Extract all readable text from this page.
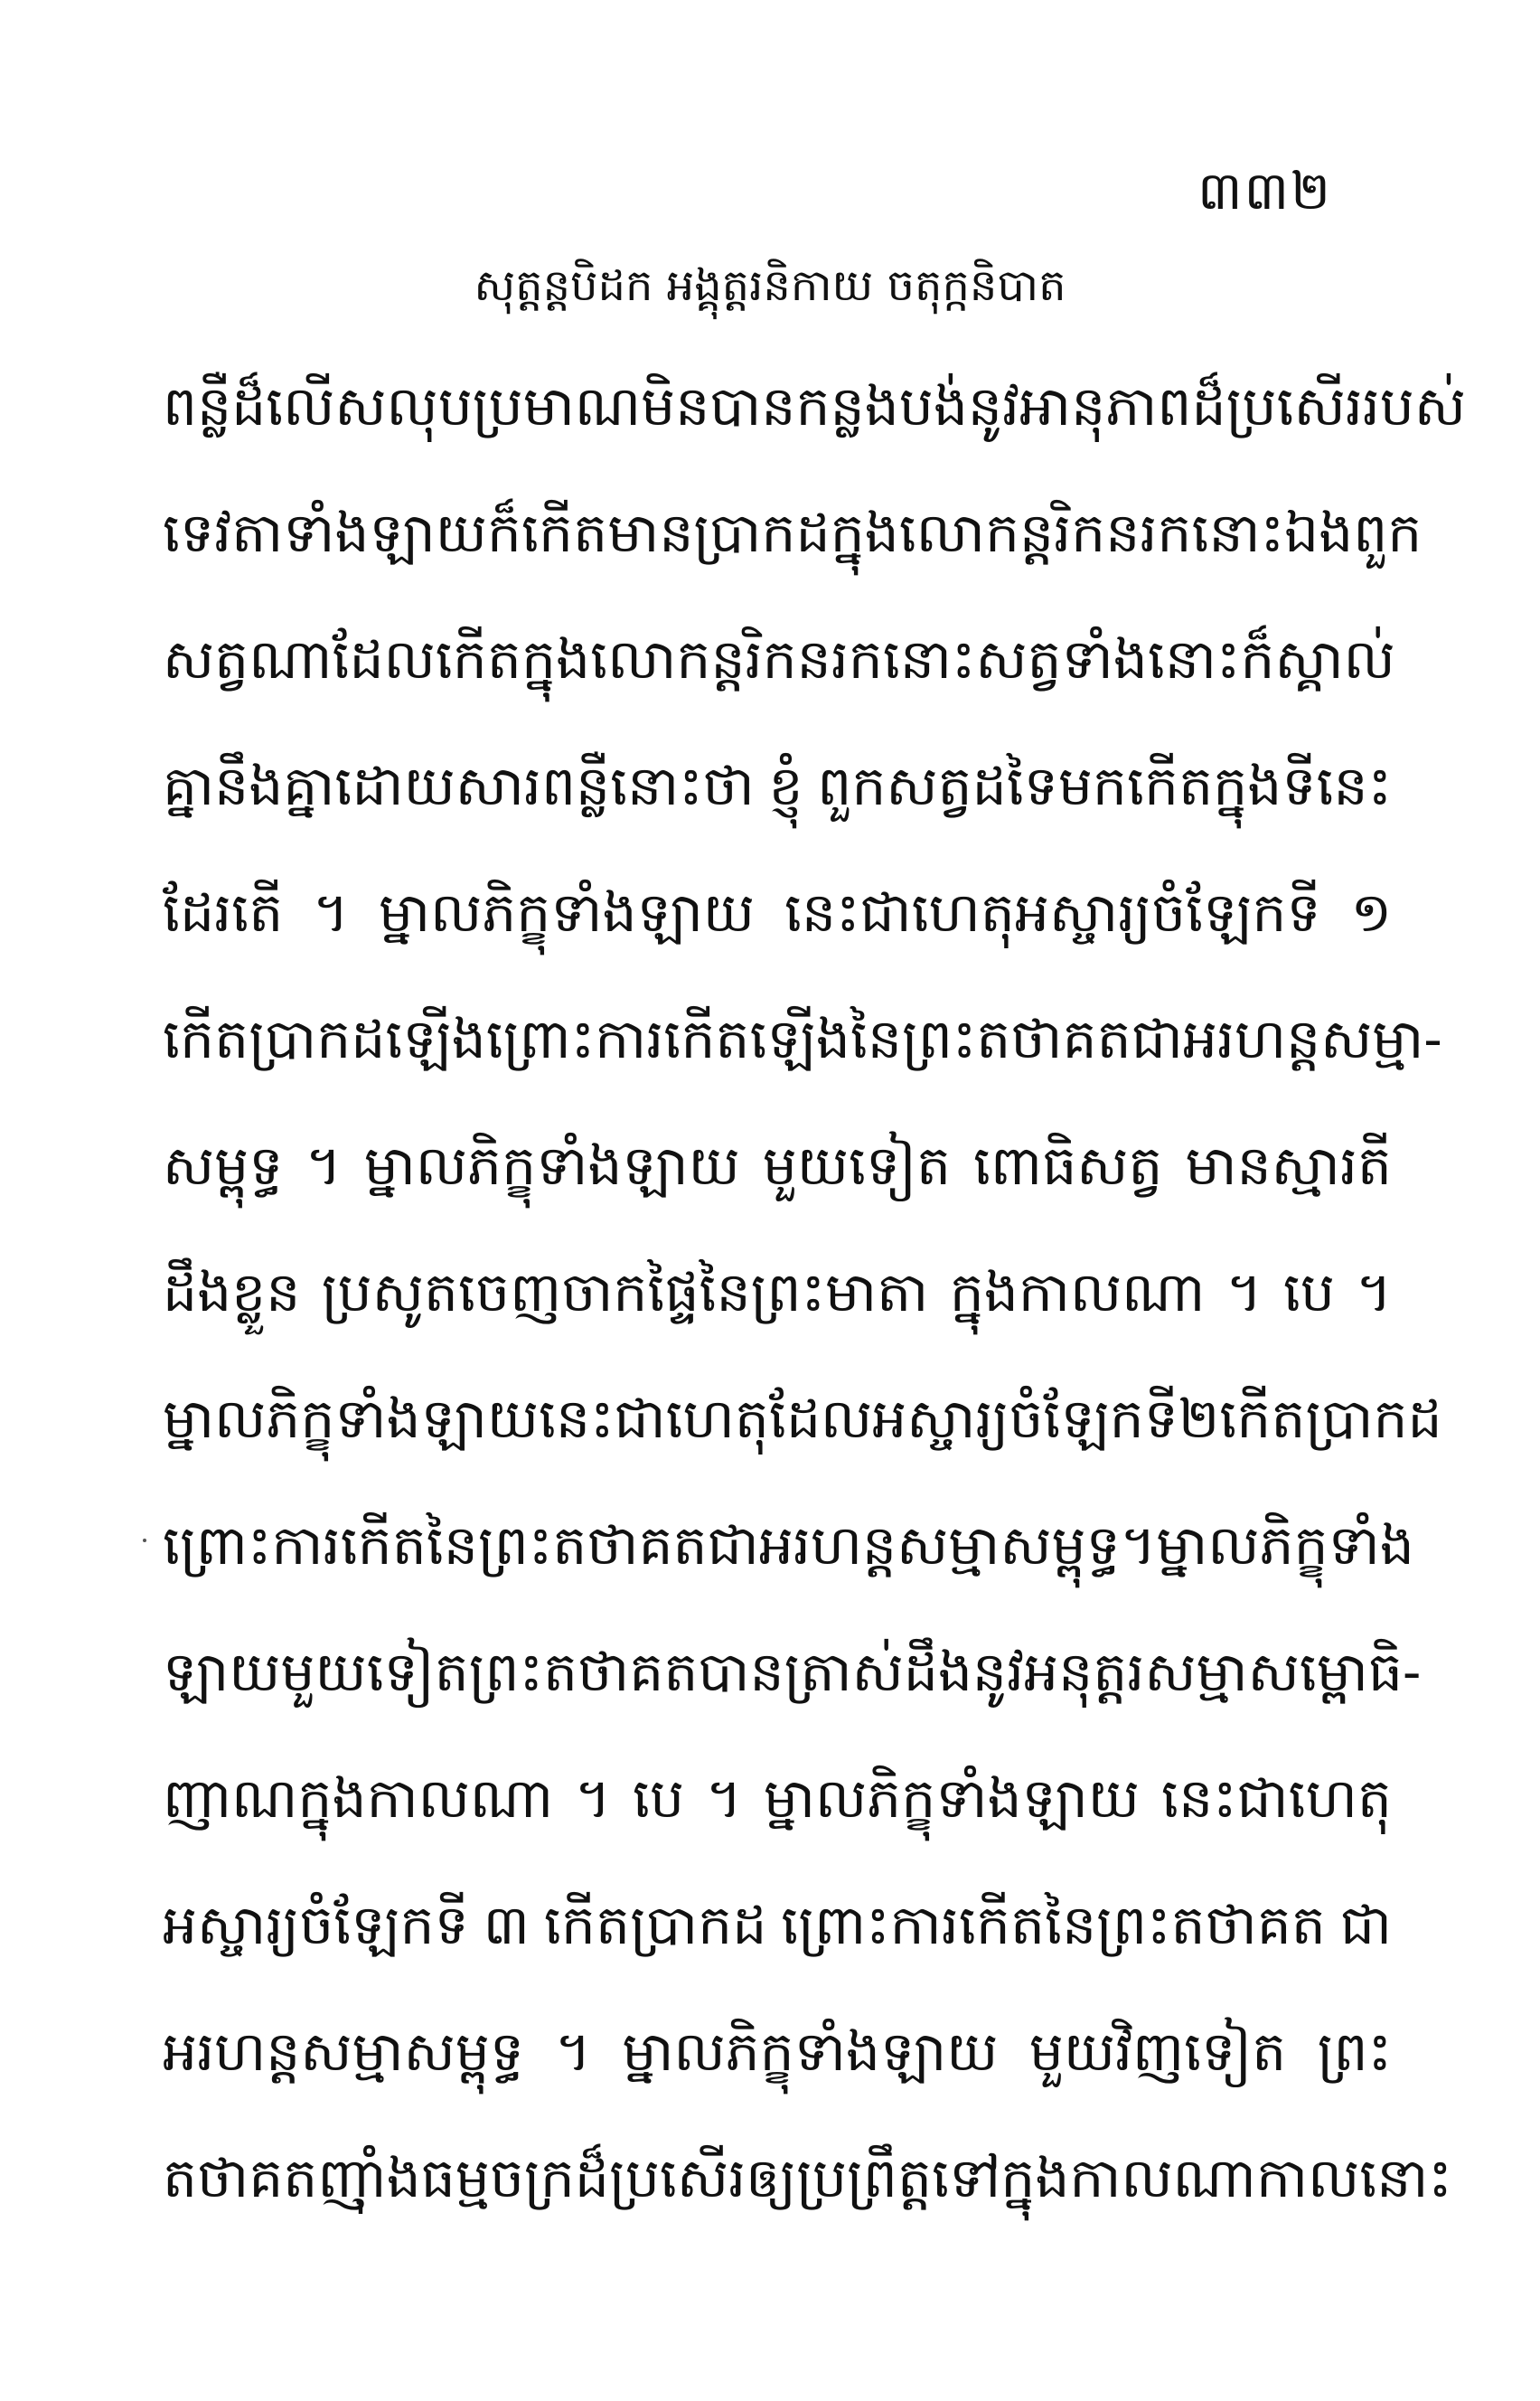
៣៣២
សុត្តន្តបិដក អង្គុត្តរនិកាយ ចតុក្កនិបាត
ពន្លឺដ៏លើសលុបប្រមាណមិនបាន កន្លងបង់នូវអានុភាពដ៏ប្រសើររបស់
ទេវតាទាំងឡាយ ក៏កើតមានប្រាកដ ក្នុងលោកន្តរិកនរកនោះឯង ពួក
សត្វណា ដែលកើតក្នុងលោកន្តរិកនរកនោះ សត្វទាំងនោះ ក៏ស្គាល់
គ្នានឹងគ្នាដោយសារពន្លឺនោះថា ខ្ញុំ ពួកសត្វដទៃមកកើតក្នុងទីនេះ
ដែរតើ ។ ម្នាលភិក្ខុទាំងឡាយ នេះជាហេតុអស្ចារ្យចំឡែកទី ១
កើតប្រាកដឡើង ព្រោះការកើតឡើងនៃព្រះតថាគត ជាអរហន្តសម្មា-
សម្ពុទ្ធ ។ ម្នាលភិក្ខុទាំងឡាយ មួយទៀត ពោធិសត្វ មានស្មារតី
ដឹងខ្លួន ប្រសូតចេញចាកផ្ទៃនៃព្រះមាតា ក្នុងកាលណា ។ បេ ។
ម្នាលភិក្ខុទាំងឡាយ នេះជាហេតុដែលអស្ចារ្យចំឡែកទី ២ កើតប្រាកដ
ព្រោះការកើតនៃព្រះតថាគត ជាអរហន្តសម្មាសម្ពុទ្ធ ។ ម្នាលភិក្ខុទាំង
ឡាយ មួយទៀត ព្រះតថាគត បានត្រាស់ដឹងនូវអនុត្តរសម្មាសម្ពោធិ-
ញាណក្នុងកាលណា ។ បេ ។ ម្នាលភិក្ខុទាំងឡាយ នេះជាហេតុ
អស្ចារ្យចំឡែកទី ៣ កើតប្រាកដ ព្រោះការកើតនៃព្រះតថាគត ជា
អរហន្តសម្មាសម្ពុទ្ធ ។ ម្នាលភិក្ខុទាំងឡាយ មួយវិញទៀត ព្រះ
តថាគត ញ៉ាំងធម្មចក្រដ៏ប្រសើរឲ្យប្រព្រឹត្តទៅក្នុងកាលណា កាលនោះ
